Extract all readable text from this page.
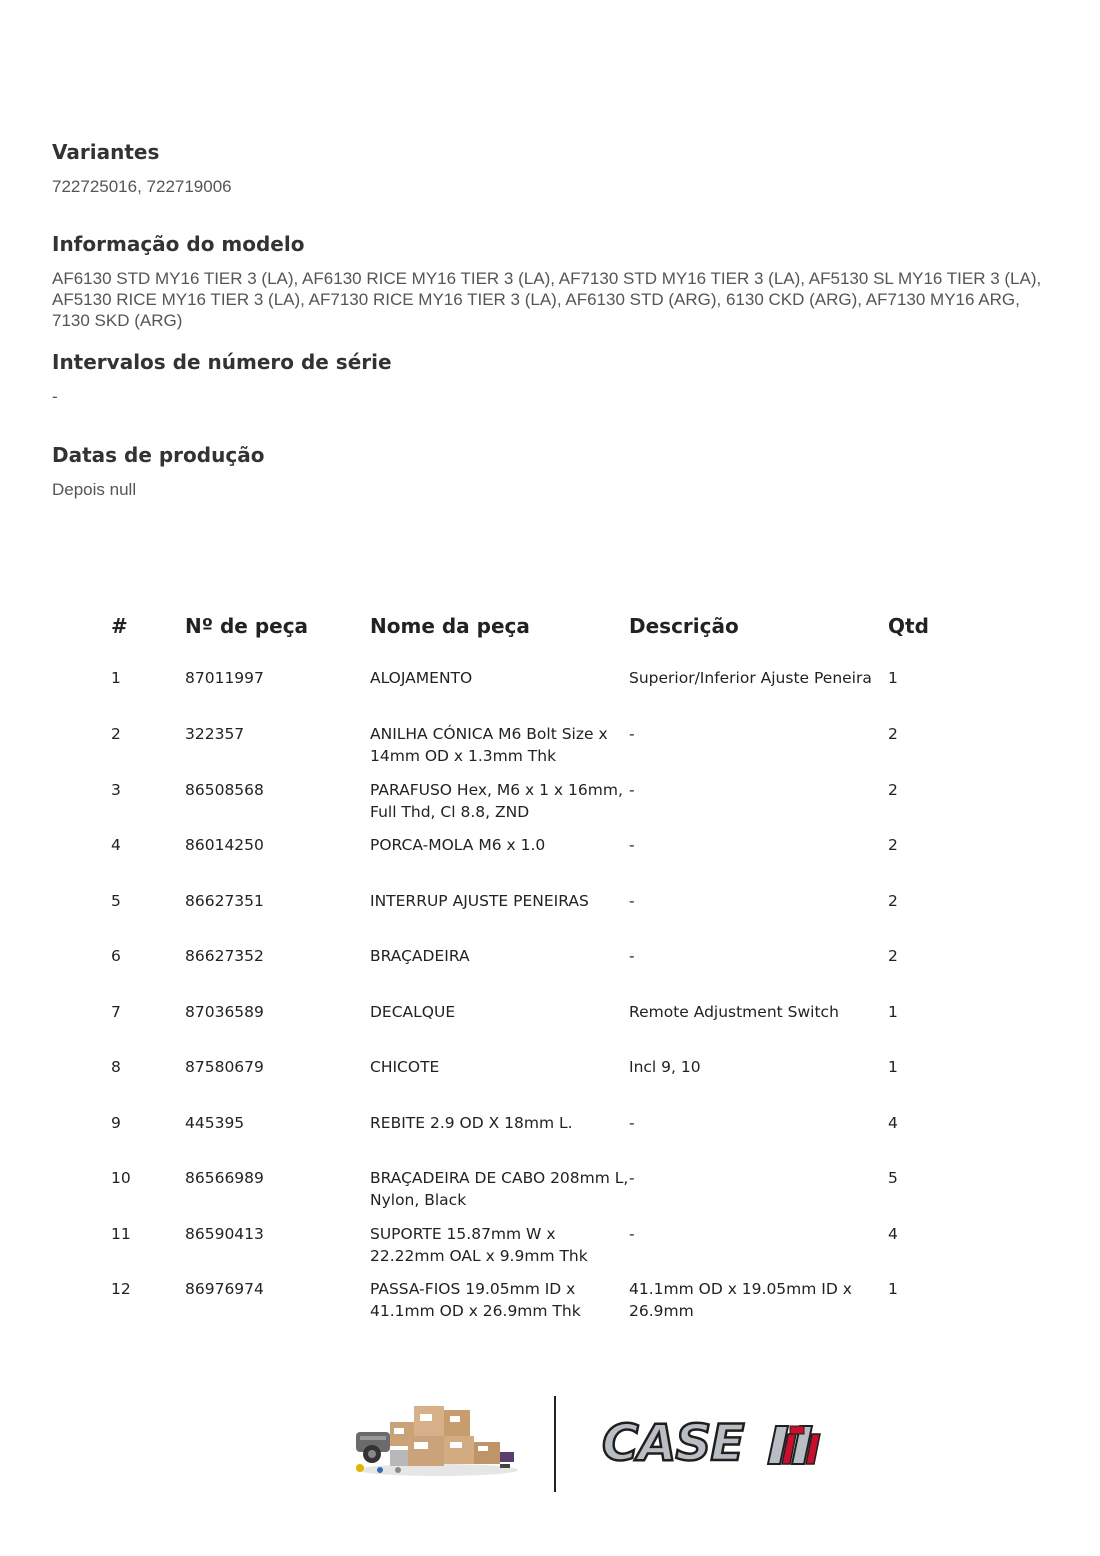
Variantes

722725016, 722719006

Informação do modelo

AF6130 STD MY16 TIER 3 (LA), AF6130 RICE MY16 TIER 3 (LA), AF7130 STD MY16 TIER 3 (LA), AF5130 SL MY16 TIER 3 (LA), AF5130 RICE MY16 TIER 3 (LA), AF7130 RICE MY16 TIER 3 (LA), AF6130 STD (ARG), 6130 CKD (ARG), AF7130 MY16 ARG, 7130 SKD (ARG)

Intervalos de número de série

-

Datas de produção

Depois null

#	Nº de peça	Nome da peça	Descrição	Qtd
1	87011997	ALOJAMENTO	Superior/Inferior Ajuste Peneira	1
2	322357	ANILHA CÓNICA M6 Bolt Size x 14mm OD x 1.3mm Thk	-	2
3	86508568	PARAFUSO Hex, M6 x 1 x 16mm, Full Thd, Cl 8.8, ZND	-	2
4	86014250	PORCA-MOLA M6 x 1.0	-	2
5	86627351	INTERRUP AJUSTE PENEIRAS	-	2
6	86627352	BRAÇADEIRA	-	2
7	87036589	DECALQUE	Remote Adjustment Switch	1
8	87580679	CHICOTE	Incl 9, 10	1
9	445395	REBITE 2.9 OD X 18mm L.	-	4
10	86566989	BRAÇADEIRA DE CABO 208mm L, Nylon, Black	-	5
11	86590413	SUPORTE 15.87mm W x 22.22mm OAL x 9.9mm Thk	-	4
12	86976974	PASSA-FIOS 19.05mm ID x 41.1mm OD x 26.9mm Thk	41.1mm OD x 19.05mm ID x 26.9mm	1
CASE
